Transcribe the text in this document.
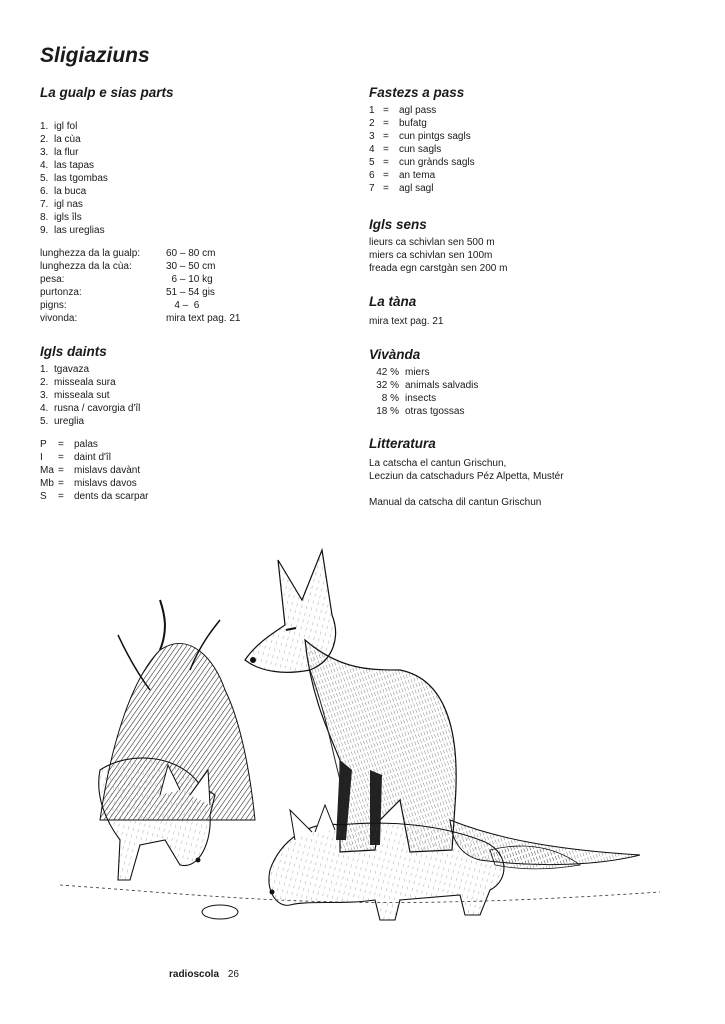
Sligiaziuns
La gualp e sias parts
1. igl fol
2. la cùa
3. la flur
4. las tapas
5. las tgombas
6. la buca
7. igl nas
8. igls îls
9. las ureglias
lunghezza da la gualp:	60 – 80 cm
lunghezza da la cùa:	30 – 50 cm
pesa:	6 – 10 kg
purtonza:	51 – 54 gis
pigns:	4 –  6
vivonda:	mira text pag. 21
Igls daints
1. tgavaza
2. misseala sura
3. misseala sut
4. rusna / cavorgia d'îl
5. ureglia
P	=	palas
I	=	daint d'îl
Ma =	mislavs davànt
Mb =	mislavs davos
S	=	dents da scarpar
Fastezs a pass
1 =	agl pass
2 =	bufatg
3 =	cun pintgs sagls
4 =	cun sagls
5 =	cun grànds sagls
6 =	an tema
7 =	agl sagl
Igls sens
lieurs ca schivlan sen 500 m
miers ca schivlan sen 100m
freada egn carstgàn sen 200 m
La tàna
mira text pag. 21
Vivànda
42 % miers
32 % animals salvadis
8 % insects
18 % otras tgossas
Litteratura
La catscha el cantun Grischun,
Lecziun da catschadurs Péz Alpetta, Mustér
Manual da catscha dil cantun Grischun
radioscola 26
